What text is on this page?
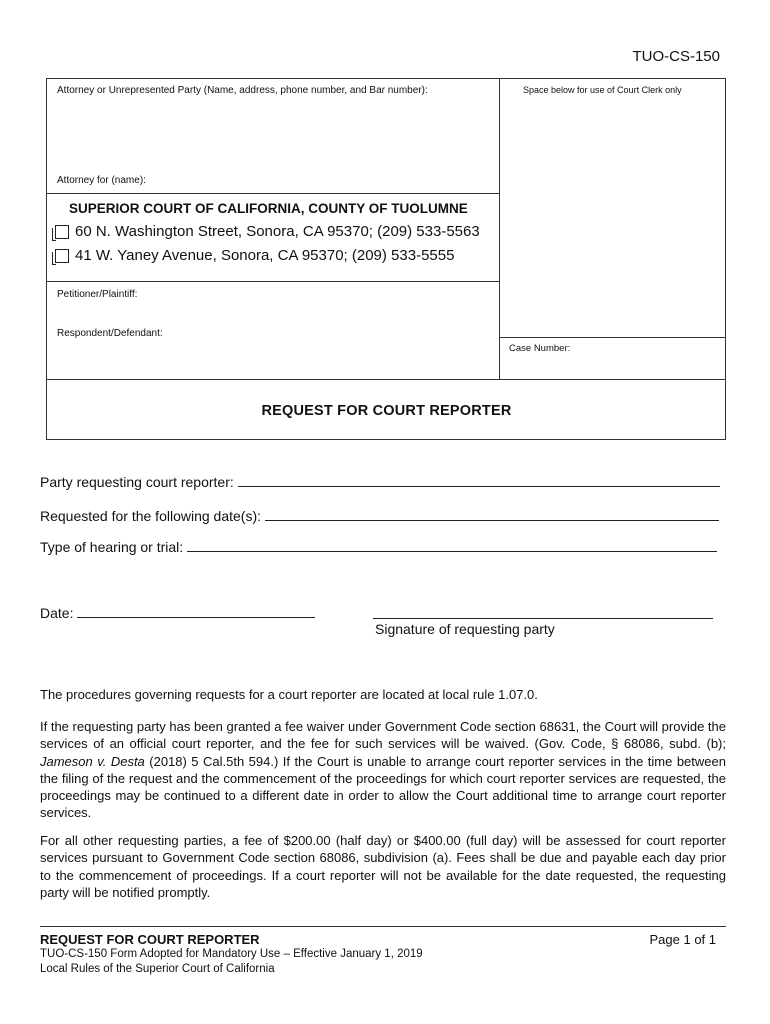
TUO-CS-150
Attorney or Unrepresented Party (Name, address, phone number, and Bar number):	Space below for use of Court Clerk only
Attorney for (name):
SUPERIOR COURT OF CALIFORNIA, COUNTY OF TUOLUMNE
60 N. Washington Street, Sonora, CA 95370; (209) 533-5563
41 W. Yaney Avenue, Sonora, CA 95370; (209) 533-5555
Petitioner/Plaintiff:
Respondent/Defendant:
Case Number:
REQUEST FOR COURT REPORTER
Party requesting court reporter:
Requested for the following date(s):
Type of hearing or trial:
Date:
Signature of requesting party
The procedures governing requests for a court reporter are located at local rule 1.07.0.
If the requesting party has been granted a fee waiver under Government Code section 68631, the Court will provide the services of an official court reporter, and the fee for such services will be waived. (Gov. Code, § 68086, subd. (b); Jameson v. Desta (2018) 5 Cal.5th 594.) If the Court is unable to arrange court reporter services in the time between the filing of the request and the commencement of the proceedings for which court reporter services are requested, the proceedings may be continued to a different date in order to allow the Court additional time to arrange court reporter services.
For all other requesting parties, a fee of $200.00 (half day) or $400.00 (full day) will be assessed for court reporter services pursuant to Government Code section 68086, subdivision (a). Fees shall be due and payable each day prior to the commencement of proceedings. If a court reporter will not be available for the date requested, the requesting party will be notified promptly.
REQUEST FOR COURT REPORTER	Page 1 of 1
TUO-CS-150 Form Adopted for Mandatory Use – Effective January 1, 2019
Local Rules of the Superior Court of California
